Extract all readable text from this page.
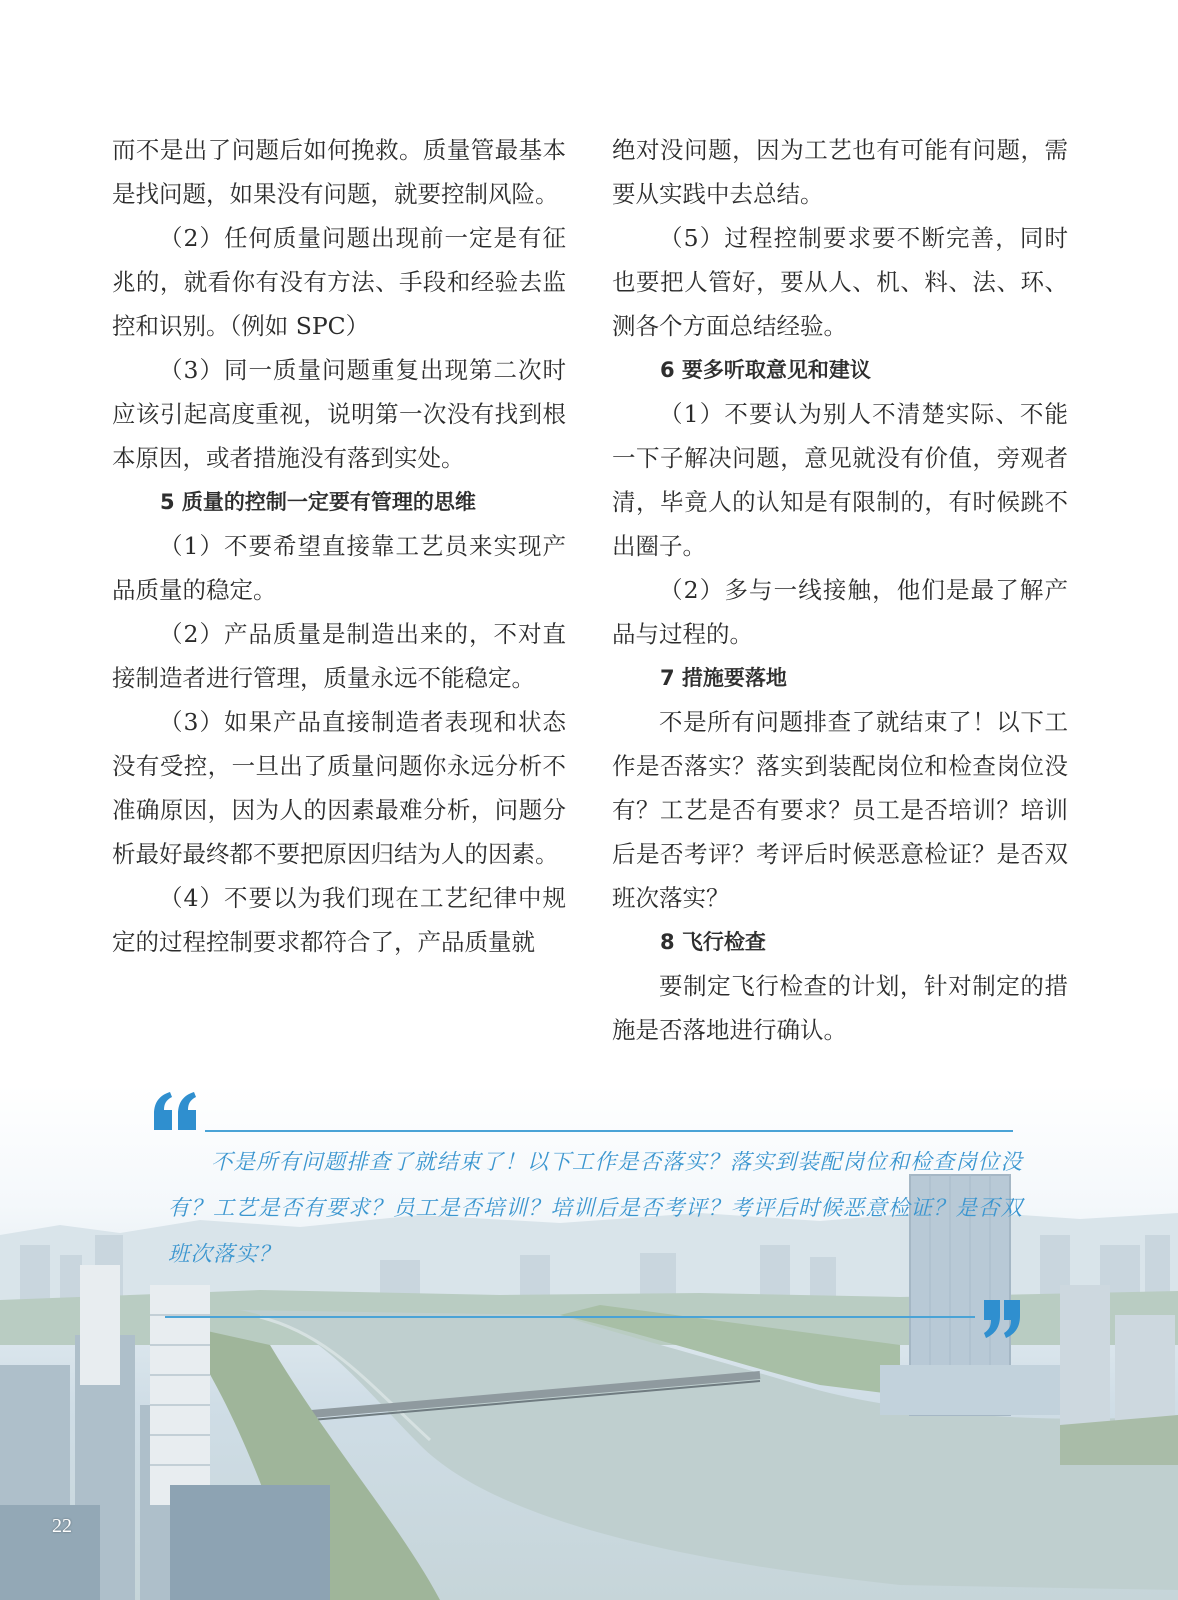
而不是出了问题后如何挽救。质量管最基本是找问题，如果没有问题，就要控制风险。

（2）任何质量问题出现前一定是有征兆的，就看你有没有方法、手段和经验去监控和识别。（例如 SPC）

（3）同一质量问题重复出现第二次时应该引起高度重视，说明第一次没有找到根本原因，或者措施没有落到实处。

5 质量的控制一定要有管理的思维

（1）不要希望直接靠工艺员来实现产品质量的稳定。

（2）产品质量是制造出来的，不对直接制造者进行管理，质量永远不能稳定。

（3）如果产品直接制造者表现和状态没有受控，一旦出了质量问题你永远分析不准确原因，因为人的因素最难分析，问题分析最好最终都不要把原因归结为人的因素。

（4）不要以为我们现在工艺纪律中规定的过程控制要求都符合了，产品质量就

绝对没问题，因为工艺也有可能有问题，需要从实践中去总结。

（5）过程控制要求要不断完善，同时也要把人管好，要从人、机、料、法、环、测各个方面总结经验。

6 要多听取意见和建议

（1）不要认为别人不清楚实际、不能一下子解决问题，意见就没有价值，旁观者清，毕竟人的认知是有限制的，有时候跳不出圈子。

（2）多与一线接触，他们是最了解产品与过程的。

7 措施要落地

不是所有问题排查了就结束了！以下工作是否落实？落实到装配岗位和检查岗位没有？工艺是否有要求？员工是否培训？培训后是否考评？考评后时候恶意检证？是否双班次落实？

8 飞行检查

要制定飞行检查的计划，针对制定的措施是否落地进行确认。

不是所有问题排查了就结束了！以下工作是否落实？落实到装配岗位和检查岗位没有？工艺是否有要求？员工是否培训？培训后是否考评？考评后时候恶意检证？是否双班次落实？

22
